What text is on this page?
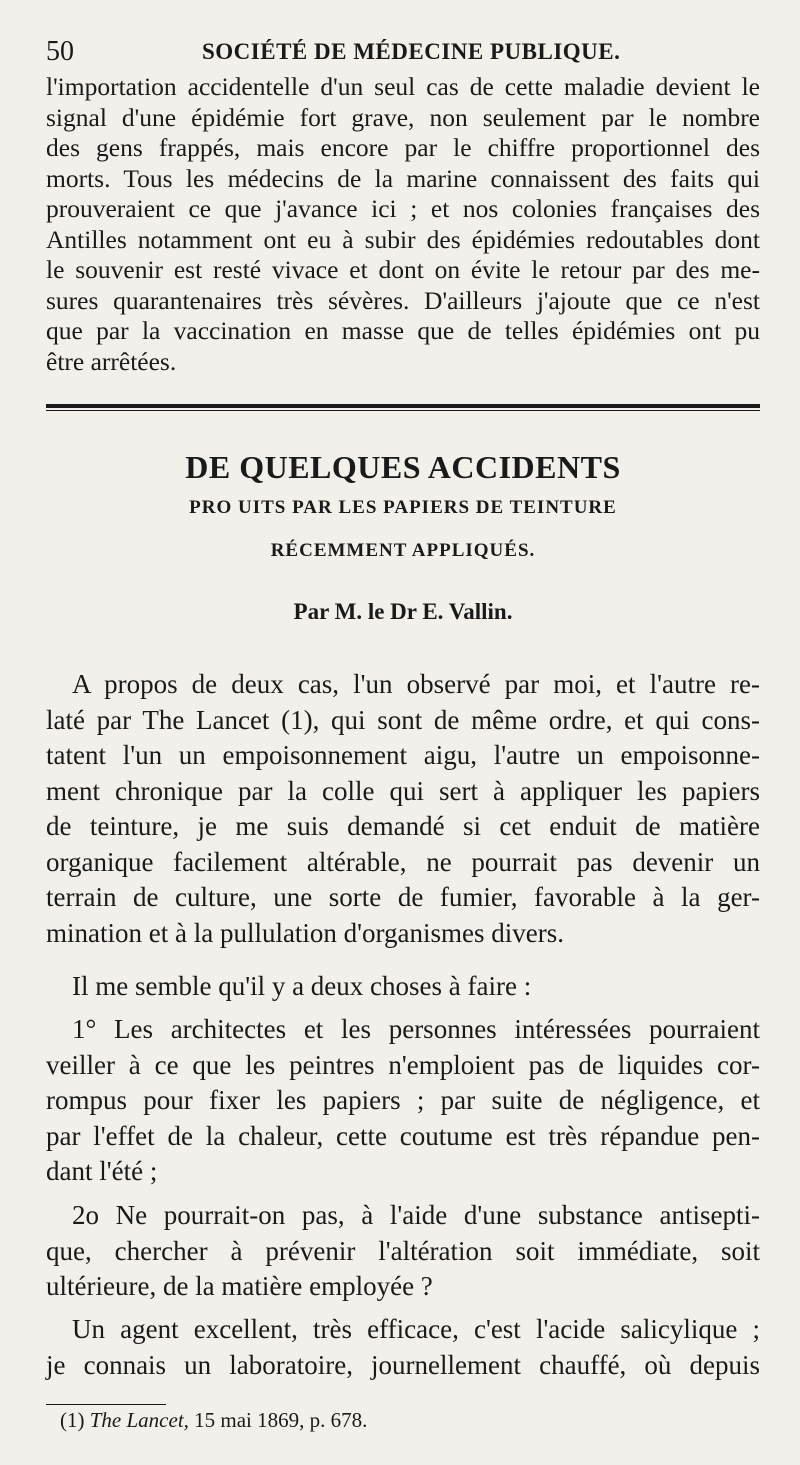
50	SOCIÉTÉ DE MÉDECINE PUBLIQUE.

l'importation accidentelle d'un seul cas de cette maladie devient le

signal d'une épidémie fort grave, non seulement par le nombre

des gens frappés, mais encore par le chiffre proportionnel des

morts. Tous les médecins de la marine connaissent des faits qui

prouveraient ce que j'avance ici ; et nos colonies françaises des

Antilles notamment ont eu à subir des épidémies redoutables dont

le souvenir est resté vivace et dont on évite le retour par des me-

sures quarantenaires très sévères. D'ailleurs j'ajoute que ce n'est

que par la vaccination en masse que de telles épidémies ont pu

être arrêtées.

DE QUELQUES ACCIDENTS
PRO UITS PAR LES PAPIERS DE TEINTURE
RÉCEMMENT APPLIQUÉS.
Par M. le Dr E. Vallin.

A propos de deux cas, l'un observé par moi, et l'autre re-

laté par The Lancet (1), qui sont de même ordre, et qui cons-

tatent l'un un empoisonnement aigu, l'autre un empoisonne-

ment chronique par la colle qui sert à appliquer les papiers

de teinture, je me suis demandé si cet enduit de matière

organique facilement altérable, ne pourrait pas devenir un

terrain de culture, une sorte de fumier, favorable à la ger-

mination et à la pullulation d'organismes divers.

Il me semble qu'il y a deux choses à faire :

1° Les architectes et les personnes intéressées pourraient

veiller à ce que les peintres n'emploient pas de liquides cor-

rompus pour fixer les papiers ; par suite de négligence, et

par l'effet de la chaleur, cette coutume est très répandue pen-

dant l'été ;

2o Ne pourrait-on pas, à l'aide d'une substance antisepti-

que, chercher à prévenir l'altération soit immédiate, soit

ultérieure, de la matière employée ?

Un agent excellent, très efficace, c'est l'acide salicylique ;

je connais un laboratoire, journellement chauffé, où depuis

(1) The Lancet, 15 mai 1869, p. 678.
